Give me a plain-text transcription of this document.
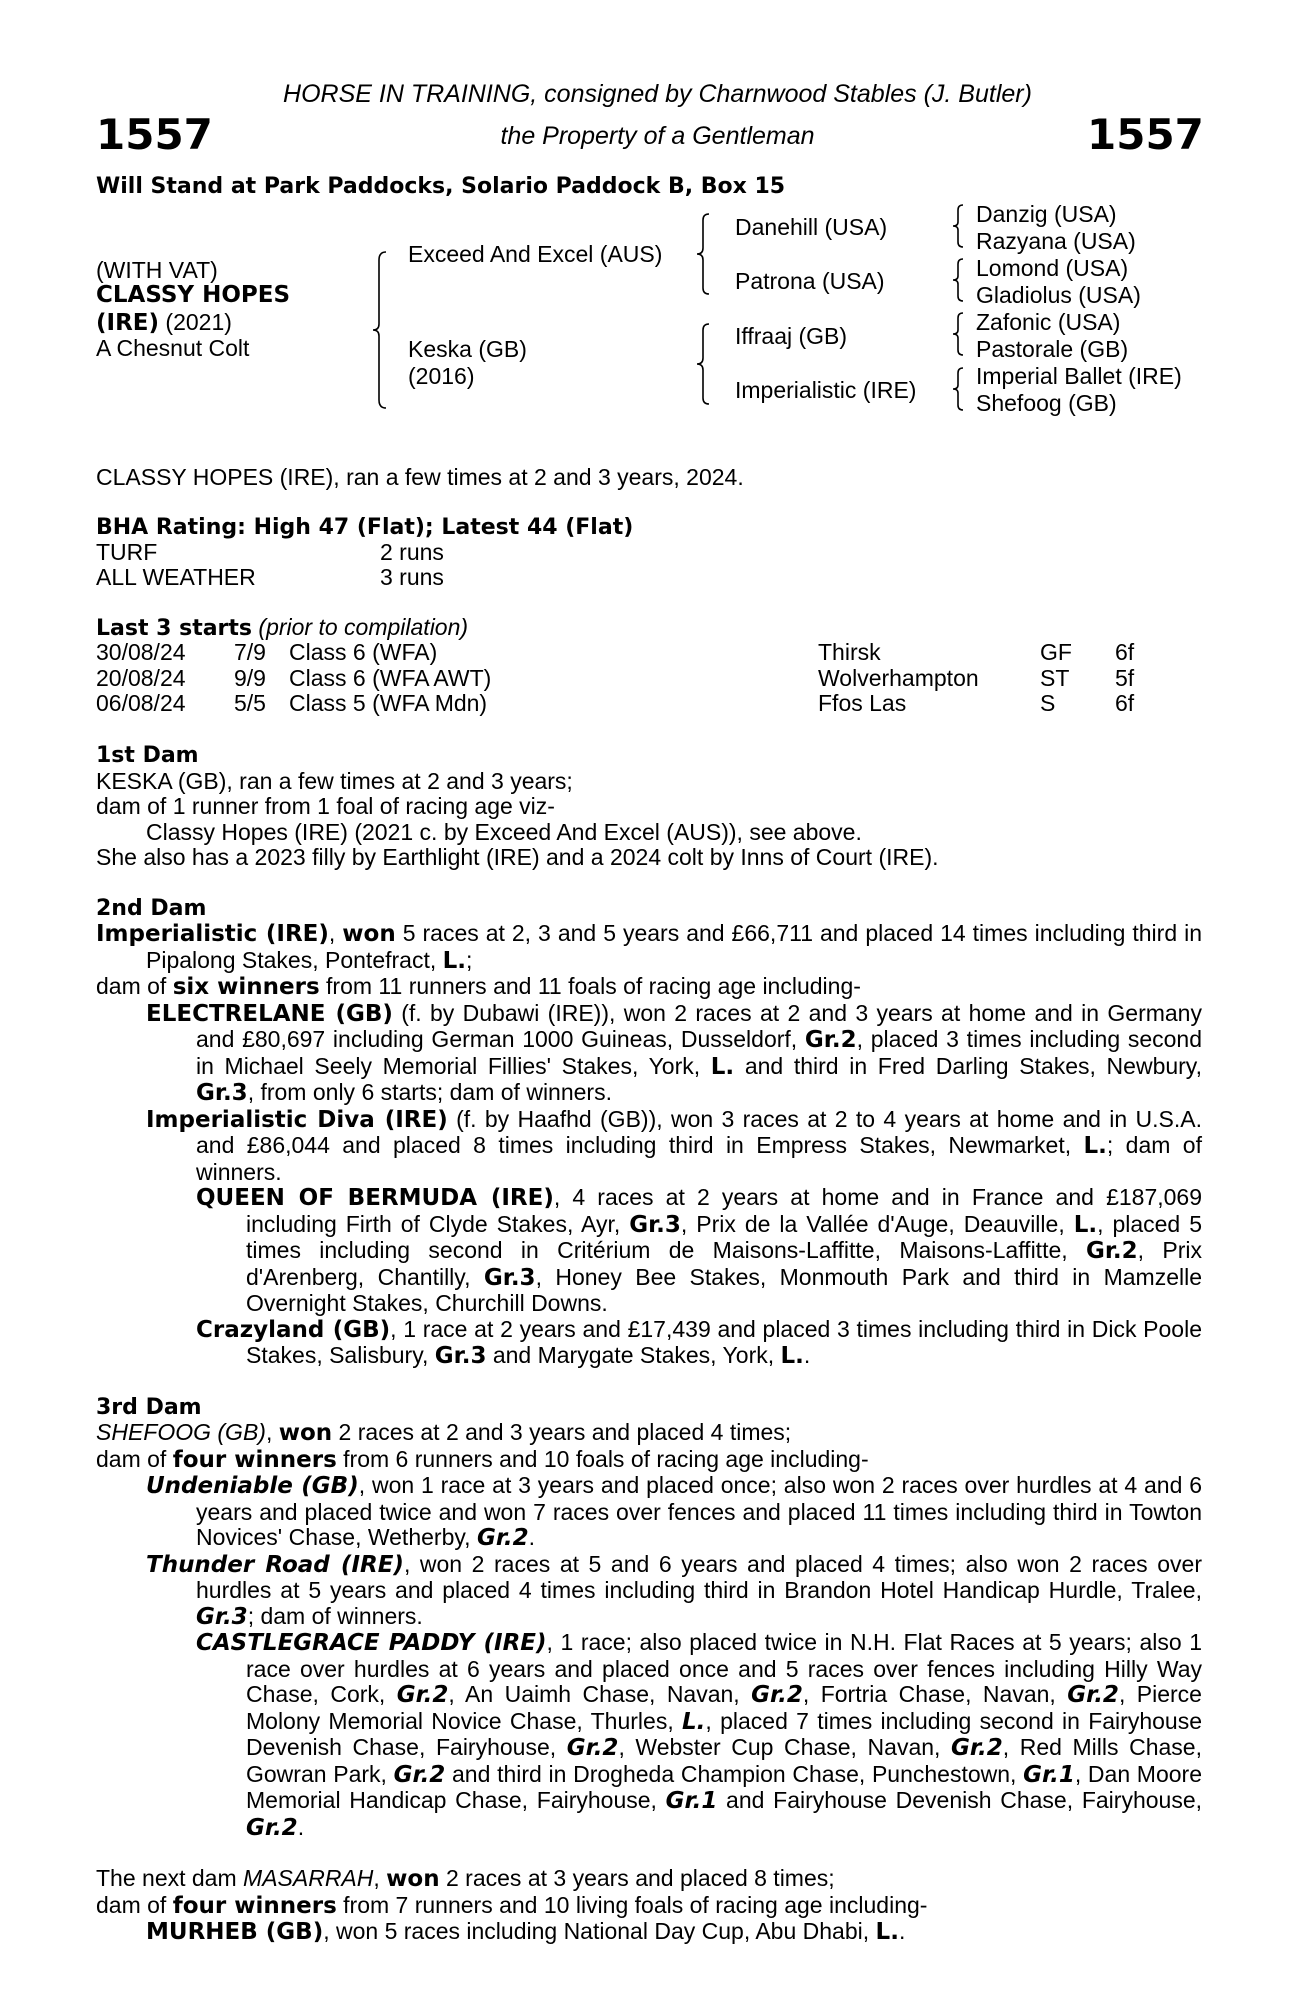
1557	1557
HORSE IN TRAINING, consigned by Charnwood Stables (J. Butler)
the Property of a Gentleman
Will Stand at Park Paddocks, Solario Paddock B, Box 15
(WITH VAT)
CLASSY HOPES
(IRE) (2021)
A Chesnut Colt
Exceed And Excel (AUS)
Keska (GB)
(2016)
Danehill (USA)
Patrona (USA)
Iffraaj (GB)
Imperialistic (IRE)
Danzig (USA)
Razyana (USA)
Lomond (USA)
Gladiolus (USA)
Zafonic (USA)
Pastorale (GB)
Imperial Ballet (IRE)
Shefoog (GB)
CLASSY HOPES (IRE), ran a few times at 2 and 3 years, 2024.
BHA Rating: High 47 (Flat); Latest 44 (Flat)
TURF	2 runs
ALL WEATHER	3 runs
Last 3 starts (prior to compilation)
30/08/24 7/9 Class 6 (WFA)	Thirsk	GF 6f
20/08/24 9/9 Class 6 (WFA AWT)	Wolverhampton	ST 5f
06/08/24 5/5 Class 5 (WFA Mdn)	Ffos Las	S	6f
1st Dam
KESKA (GB), ran a few times at 2 and 3 years;
dam of 1 runner from 1 foal of racing age viz-
Classy Hopes (IRE) (2021 c. by Exceed And Excel (AUS)), see above.
She also has a 2023 filly by Earthlight (IRE) and a 2024 colt by Inns of Court (IRE).
2nd Dam
Imperialistic (IRE), won 5 races at 2, 3 and 5 years and £66,711 and placed 14 times including third in Pipalong Stakes, Pontefract, L.;
dam of six winners from 11 runners and 11 foals of racing age including-
ELECTRELANE (GB) (f. by Dubawi (IRE)), won 2 races at 2 and 3 years at home and in Germany and £80,697 including German 1000 Guineas, Dusseldorf, Gr.2, placed 3 times including second in Michael Seely Memorial Fillies' Stakes, York, L. and third in Fred Darling Stakes, Newbury, Gr.3, from only 6 starts; dam of winners.
Imperialistic Diva (IRE) (f. by Haafhd (GB)), won 3 races at 2 to 4 years at home and in U.S.A. and £86,044 and placed 8 times including third in Empress Stakes, Newmarket, L.; dam of winners.
QUEEN OF BERMUDA (IRE), 4 races at 2 years at home and in France and £187,069 including Firth of Clyde Stakes, Ayr, Gr.3, Prix de la Vallée d'Auge, Deauville, L., placed 5 times including second in Critérium de Maisons-Laffitte, Maisons-Laffitte, Gr.2, Prix d'Arenberg, Chantilly, Gr.3, Honey Bee Stakes, Monmouth Park and third in Mamzelle Overnight Stakes, Churchill Downs.
Crazyland (GB), 1 race at 2 years and £17,439 and placed 3 times including third in Dick Poole Stakes, Salisbury, Gr.3 and Marygate Stakes, York, L..
3rd Dam
SHEFOOG (GB), won 2 races at 2 and 3 years and placed 4 times;
dam of four winners from 6 runners and 10 foals of racing age including-
Undeniable (GB), won 1 race at 3 years and placed once; also won 2 races over hurdles at 4 and 6 years and placed twice and won 7 races over fences and placed 11 times including third in Towton Novices' Chase, Wetherby, Gr.2.
Thunder Road (IRE), won 2 races at 5 and 6 years and placed 4 times; also won 2 races over hurdles at 5 years and placed 4 times including third in Brandon Hotel Handicap Hurdle, Tralee, Gr.3; dam of winners.
CASTLEGRACE PADDY (IRE), 1 race; also placed twice in N.H. Flat Races at 5 years; also 1 race over hurdles at 6 years and placed once and 5 races over fences including Hilly Way Chase, Cork, Gr.2, An Uaimh Chase, Navan, Gr.2, Fortria Chase, Navan, Gr.2, Pierce Molony Memorial Novice Chase, Thurles, L., placed 7 times including second in Fairyhouse Devenish Chase, Fairyhouse, Gr.2, Webster Cup Chase, Navan, Gr.2, Red Mills Chase, Gowran Park, Gr.2 and third in Drogheda Champion Chase, Punchestown, Gr.1, Dan Moore Memorial Handicap Chase, Fairyhouse, Gr.1 and Fairyhouse Devenish Chase, Fairyhouse, Gr.2.
The next dam MASARRAH, won 2 races at 3 years and placed 8 times;
dam of four winners from 7 runners and 10 living foals of racing age including-
MURHEB (GB), won 5 races including National Day Cup, Abu Dhabi, L..
